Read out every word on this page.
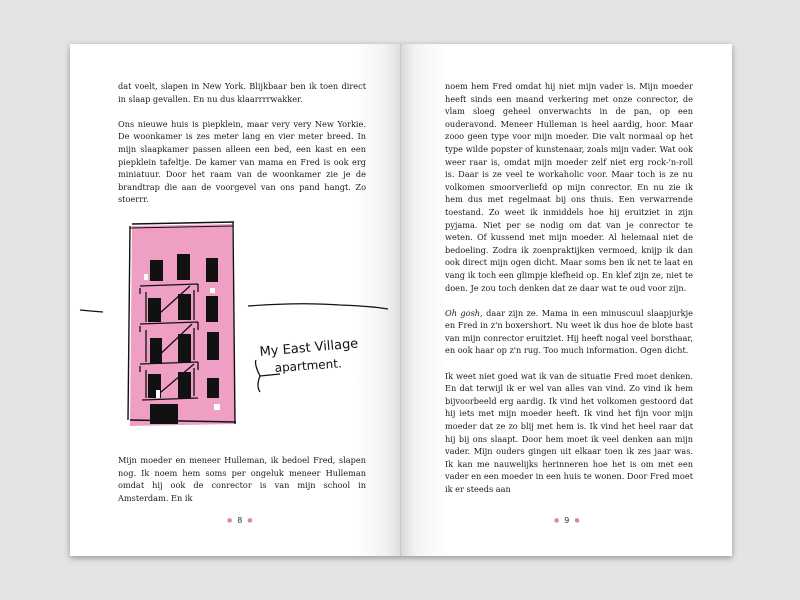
dat voelt, slapen in New York. Blijkbaar ben ik toen direct in slaap gevallen. En nu dus klaarrrrwakker.

Ons nieuwe huis is piepklein, maar very very New Yorkie. De woonkamer is zes meter lang en vier meter breed. In mijn slaapkamer passen alleen een bed, een kast en een piepklein tafeltje. De kamer van mama en Fred is ook erg miniatuur. Door het raam van de woonkamer zie je de brandtrap die aan de voorgevel van ons pand hangt. Zo stoerrr.

My East Village
apartment.

Mijn moeder en meneer Hulleman, ik bedoel Fred, slapen nog. Ik noem hem soms per ongeluk meneer Hulleman omdat hij ook de conrector is van mijn school in Amsterdam. En ik

● 8 ●

noem hem Fred omdat hij niet mijn vader is. Mijn moeder heeft sinds een maand verkering met onze conrector, de vlam sloeg geheel onverwachts in de pan, op een ouderavond. Meneer Hulleman is heel aardig, hoor. Maar zooo geen type voor mijn moeder. Die valt normaal op het type wilde popster of kunstenaar, zoals mijn vader. Wat ook weer raar is, omdat mijn moeder zelf niet erg rock-'n-roll is. Daar is ze veel te workaholic voor. Maar toch is ze nu volkomen smoorverliefd op mijn conrector. En nu zie ik hem dus met regelmaat bij ons thuis. Een verwarrende toestand. Zo weet ik inmiddels hoe hij eruitziet in zijn pyjama. Niet per se nodig om dat van je conrector te weten. Of kussend met mijn moeder. Al helemaal niet de bedoeling. Zodra ik zoenpraktijken vermoed, knijp ik dan ook direct mijn ogen dicht. Maar soms ben ik net te laat en vang ik toch een glimpje klefheid op. En klef zijn ze, niet te doen. Je zou toch denken dat ze daar wat te oud voor zijn.

Oh gosh, daar zijn ze. Mama in een minuscuul slaapjurkje en Fred in z'n boxershort. Nu weet ik dus hoe de blote bast van mijn conrector eruitziet. Hij heeft nogal veel borsthaar, en ook haar op z'n rug. Too much information. Ogen dicht.

Ik weet niet goed wat ik van de situatie Fred moet denken. En dat terwijl ik er wel van alles van vind. Zo vind ik hem bijvoorbeeld erg aardig. Ik vind het volkomen gestoord dat hij iets met mijn moeder heeft. Ik vind het fijn voor mijn moeder dat ze zo blij met hem is. Ik vind het heel raar dat hij bij ons slaapt. Door hem moet ik veel denken aan mijn vader. Mijn ouders gingen uit elkaar toen ik zes jaar was. Ik kan me nauwelijks herinneren hoe het is om met een vader en een moeder in een huis te wonen. Door Fred moet ik er steeds aan

● 9 ●
